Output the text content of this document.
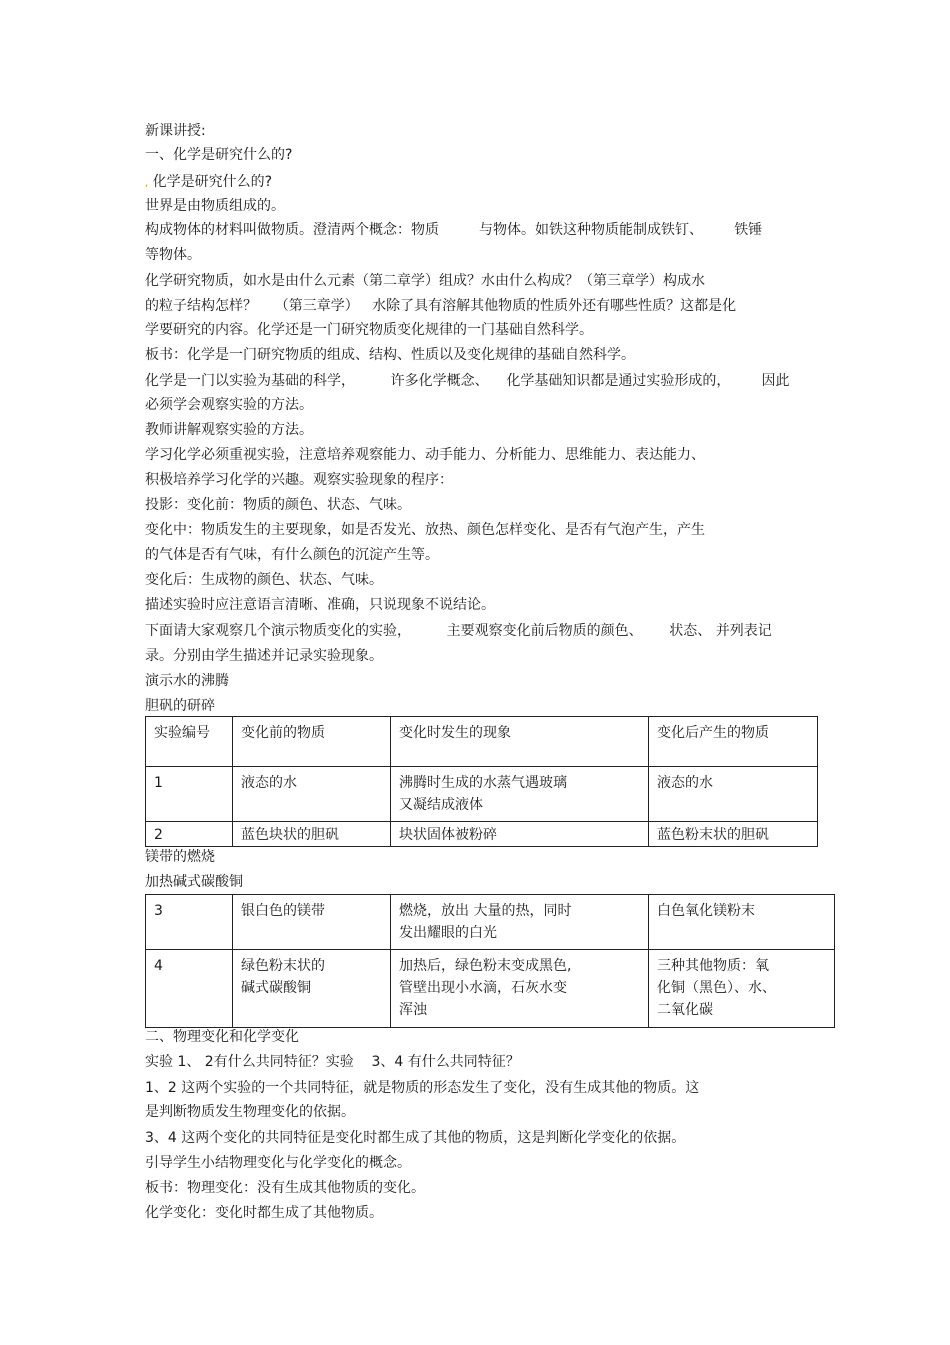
新课讲授:
一、化学是研究什么的?
, 化学是研究什么的?
世界是由物质组成的。
构成物体的材料叫做物质。澄清两个概念：物质         与物体。如铁这种物质能制成铁钉、       铁锤
等物体。
化学研究物质，如水是由什么元素（第二章学）组成？水由什么构成？（第三章学）构成水
的粒子结构怎样？    （第三章学）   水除了具有溶解其他物质的性质外还有哪些性质？这都是化
学要研究的内容。化学还是一门研究物质变化规律的一门基础自然科学。
板书：化学是一门研究物质的组成、结构、性质以及变化规律的基础自然科学。
化学是一门以实验为基础的科学，        许多化学概念、    化学基础知识都是通过实验形成的，       因此
必须学会观察实验的方法。
教师讲解观察实验的方法。
学习化学必须重视实验，注意培养观察能力、动手能力、分析能力、思维能力、表达能力、
积极培养学习化学的兴趣。观察实验现象的程序：
投影：变化前：物质的颜色、状态、气味。
变化中：物质发生的主要现象，如是否发光、放热、颜色怎样变化、是否有气泡产生，产生
的气体是否有气味，有什么颜色的沉淀产生等。
变化后：生成物的颜色、状态、气味。
描述实验时应注意语言清晰、准确，只说现象不说结论。
下面请大家观察几个演示物质变化的实验，        主要观察变化前后物质的颜色、      状态、 并列表记
录。分别由学生描述并记录实验现象。
演示水的沸腾
胆矾的研碎
实验编号	变化前的物质	变化时发生的现象	变化后产生的物质
1	液态的水	沸腾时生成的水蒸气遇玻璃
又凝结成液体	液态的水
2	蓝色块状的胆矾	块状固体被粉碎	蓝色粉末状的胆矾
镁带的燃烧
加热碱式碳酸铜
3	银白色的镁带	燃烧，放出 大量的热，同时
发出耀眼的白光	白色氧化镁粉末
4	绿色粉末状的
碱式碳酸铜	加热后，绿色粉末变成黑色,
管壁出现小水滴，石灰水变
浑浊	三种其他物质：氧
化铜（黑色）、水、
二氧化碳
二、物理变化和化学变化
实验 1、 2有什么共同特征？实验    3、4 有什么共同特征？
1、2 这两个实验的一个共同特征，就是物质的形态发生了变化，没有生成其他的物质。这
是判断物质发生物理变化的依据。
3、4 这两个变化的共同特征是变化时都生成了其他的物质，这是判断化学变化的依据。
引导学生小结物理变化与化学变化的概念。
板书：物理变化：没有生成其他物质的变化。
化学变化：变化时都生成了其他物质。
